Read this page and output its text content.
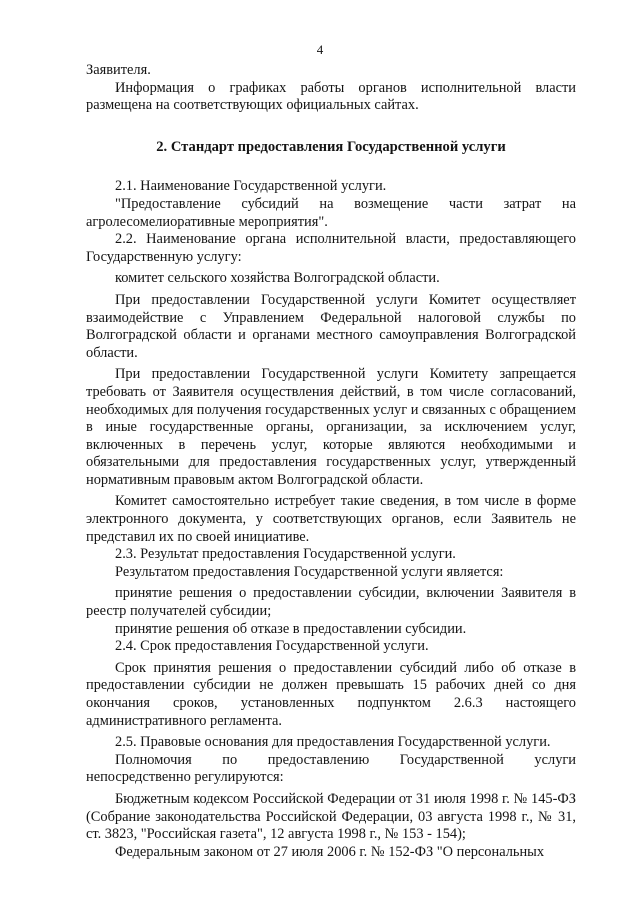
4

Заявителя.

Информация о графиках работы органов исполнительной власти размещена на соответствующих официальных сайтах.

2. Стандарт предоставления Государственной услуги

2.1. Наименование Государственной услуги.

"Предоставление субсидий на возмещение части затрат на агролесомелиоративные мероприятия".

2.2. Наименование органа исполнительной власти, предоставляющего Государственную услугу:

комитет сельского хозяйства Волгоградской области.

При предоставлении Государственной услуги Комитет осуществляет взаимодействие с Управлением Федеральной налоговой службы по Волгоградской области и органами местного самоуправления Волгоградской области.

При предоставлении Государственной услуги Комитету запрещается требовать от Заявителя осуществления действий, в том числе согласований, необходимых для получения государственных услуг и связанных с обращением в иные государственные органы, организации, за исключением услуг, включенных в перечень услуг, которые являются необходимыми и обязательными для предоставления государственных услуг, утвержденный нормативным правовым актом Волгоградской области.

Комитет самостоятельно истребует такие сведения, в том числе в форме электронного документа, у соответствующих органов, если Заявитель не представил их по своей инициативе.

2.3. Результат предоставления Государственной услуги.

Результатом предоставления Государственной услуги является:

принятие решения о предоставлении субсидии, включении Заявителя в реестр получателей субсидии;

принятие решения об отказе в предоставлении субсидии.

2.4. Срок предоставления Государственной услуги.

Срок принятия решения о предоставлении субсидий либо об отказе в предоставлении субсидии не должен превышать 15 рабочих дней со дня окончания сроков, установленных подпунктом 2.6.3 настоящего административного регламента.

2.5. Правовые основания для предоставления Государственной услуги.

Полномочия по предоставлению Государственной услуги непосредственно регулируются:

Бюджетным кодексом Российской Федерации от 31 июля 1998 г. № 145-ФЗ (Собрание законодательства Российской Федерации, 03 августа 1998 г., № 31, ст. 3823, "Российская газета", 12 августа 1998 г., № 153 - 154);

Федеральным законом от 27 июля 2006 г. № 152-ФЗ "О персональных
